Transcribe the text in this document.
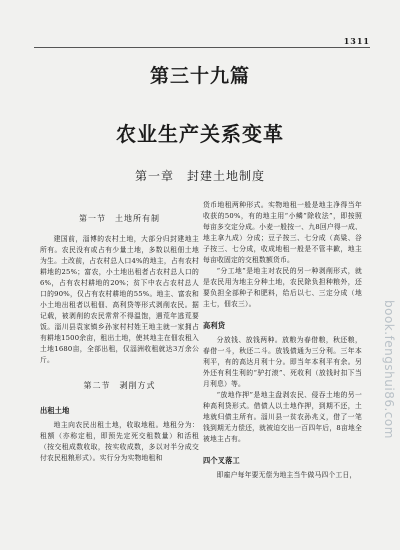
1311
第三十九篇
农业生产关系变革
第一章　封建土地制度
第一节　土地所有制

建国前，淄博的农村土地，大部分归封建地主所有。农民没有或占有少量土地，多数以租佃土地为生。土改前，占农村总人口4%的地主，占有农村耕地的25%；富农，小土地出租者占农村总人口的6%，占有农村耕地的20%；贫下中农占农村总人口的90%，仅占有农村耕地的55%。地主、富农和小土地出租者以租佃、高利贷等形式剥削农民。据记载，被剥削的农民常常不得温饱，遇荒年逃荒要饭。淄川县袁家镇乡孙家村村姓王地主就一家拥占有耕地1500余亩，租出土地，使其地主在佃农租入土地1680亩，全部出租，仅淄洲收租就达3万余公斤。

第二节　剥削方式
出租土地

地主向农民出租土地，收取地租。地租分为：租额（亦称定租，即预先定死交租数量）和活租（按交租成数收取，按实收成数，多以对半分成交付农民租粮形式）。实行分为实物地租和

货币地租两种形式。实物地租一般是地主净得当年收获的50%，有的地主用“小鳞”除收法”，即按照每亩多交定分成。小麦一般按一、九8回户得一成、地主拿九成）分成；豆子按三、七分成（高粱、谷子按三、七分成，收成地租一般是不管丰歉，地主每亩收固定的交租数额货币。

“分工地”是地主对农民的另一种剥削形式，就是农民用为地主分种土地，农民除负担种粮外，还要负担全部种子和肥料，给后以七、三定分成（地主七，佃农三）。

高利贷

分放钱、放钱两种。放粮为春借粮，秋还粮，春借一斗，秋还二斗。放钱债通为三分利。三年本利平，有的高达月利十分。即当年本利平有余。另外还有利生利的“驴打滚”、死收利（放钱时扣下当月利息）等。

“放地作押”是地主盘剥农民、侵吞土地的另一种高利贷形式。借债人以土地作押，到期不还，土地就归债主所有。淄川县一贫农孙兆义，借了一笔钱到期无力偿还，就被迫交出一百四年后，8亩地全被地主占有。

四个叉落工

即雇户每年要无偿为地主当牛做马四个工日，

book.fengshui86.com
